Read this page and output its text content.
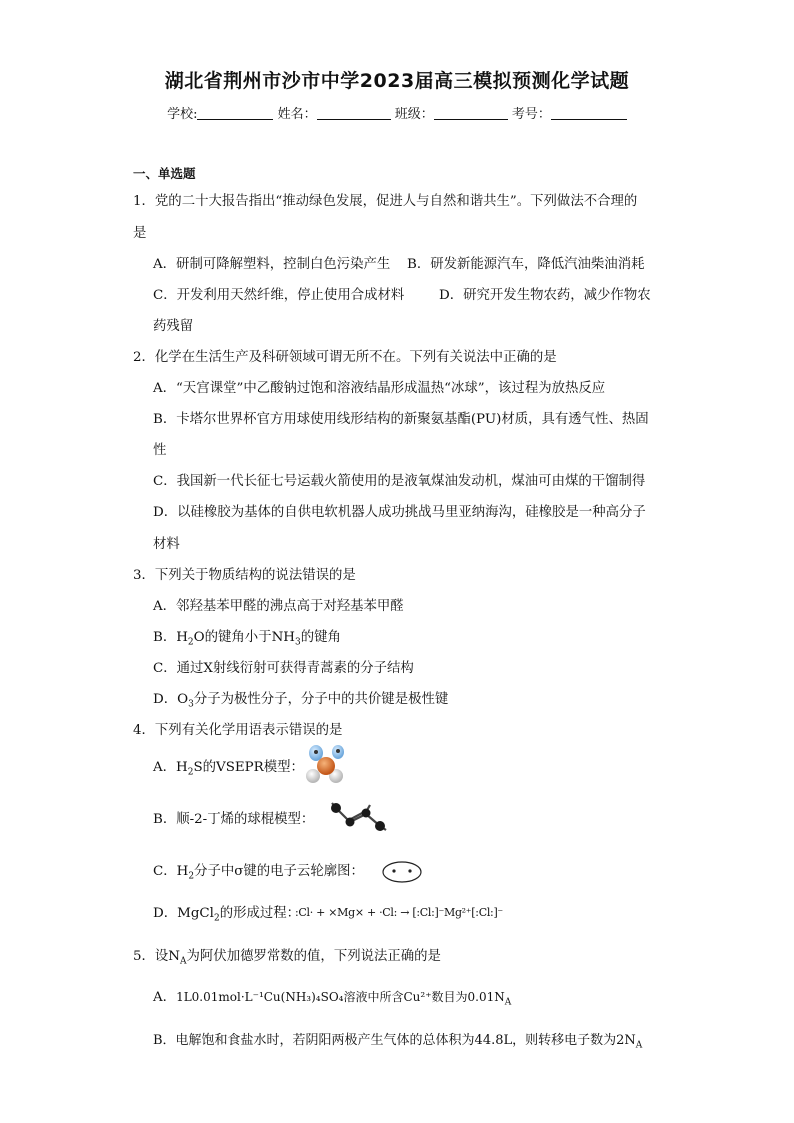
湖北省荆州市沙市中学2023届高三模拟预测化学试题
学校:	姓名：	班级：	考号：
一、单选题
1．党的二十大报告指出“推动绿色发展，促进人与自然和谐共生”。下列做法不合理的
是
A．研制可降解塑料，控制白色污染产生 B．研发新能源汽车，降低汽油柴油消耗
C．开发利用天然纤维，停止使用合成材料	D．研究开发生物农药，减少作物农
药残留
2．化学在生活生产及科研领域可谓无所不在。下列有关说法中正确的是
A．“天宫课堂”中乙酸钠过饱和溶液结晶形成温热“冰球”，该过程为放热反应
B．卡塔尔世界杯官方用球使用线形结构的新聚氨基酯(PU)材质，具有透气性、热固
性
C．我国新一代长征七号运载火箭使用的是液氧煤油发动机，煤油可由煤的干馏制得
D．以硅橡胶为基体的自供电软机器人成功挑战马里亚纳海沟，硅橡胶是一种高分子
材料
3．下列关于物质结构的说法错误的是
A．邻羟基苯甲醛的沸点高于对羟基苯甲醛
B．$H_2O$的键角小于$NH_3$的键角
C．通过X射线衍射可获得青蒿素的分子结构
D．$O_3$分子为极性分子，分子中的共价键是极性键
4．下列有关化学用语表示错误的是
A．$H_2S$的VSEPR模型：
B．顺-2-丁烯的球棍模型：
C．$H_2$分子中σ键的电子云轮廓图：
D．MgCl$_2$的形成过程：
:Cl· + ×Mg× + ·Cl: → [:Cl:]⁻Mg²⁺[:Cl:]⁻
5．设$N_A$为阿伏加德罗常数的值，下列说法正确的是
A．1L0.01mol·L⁻¹Cu(NH₃)₄SO₄溶液中所含Cu²⁺数目为$0.01N_A$
B．电解饱和食盐水时，若阴阳两极产生气体的总体积为44.8L，则转移电子数为$2N_A$
